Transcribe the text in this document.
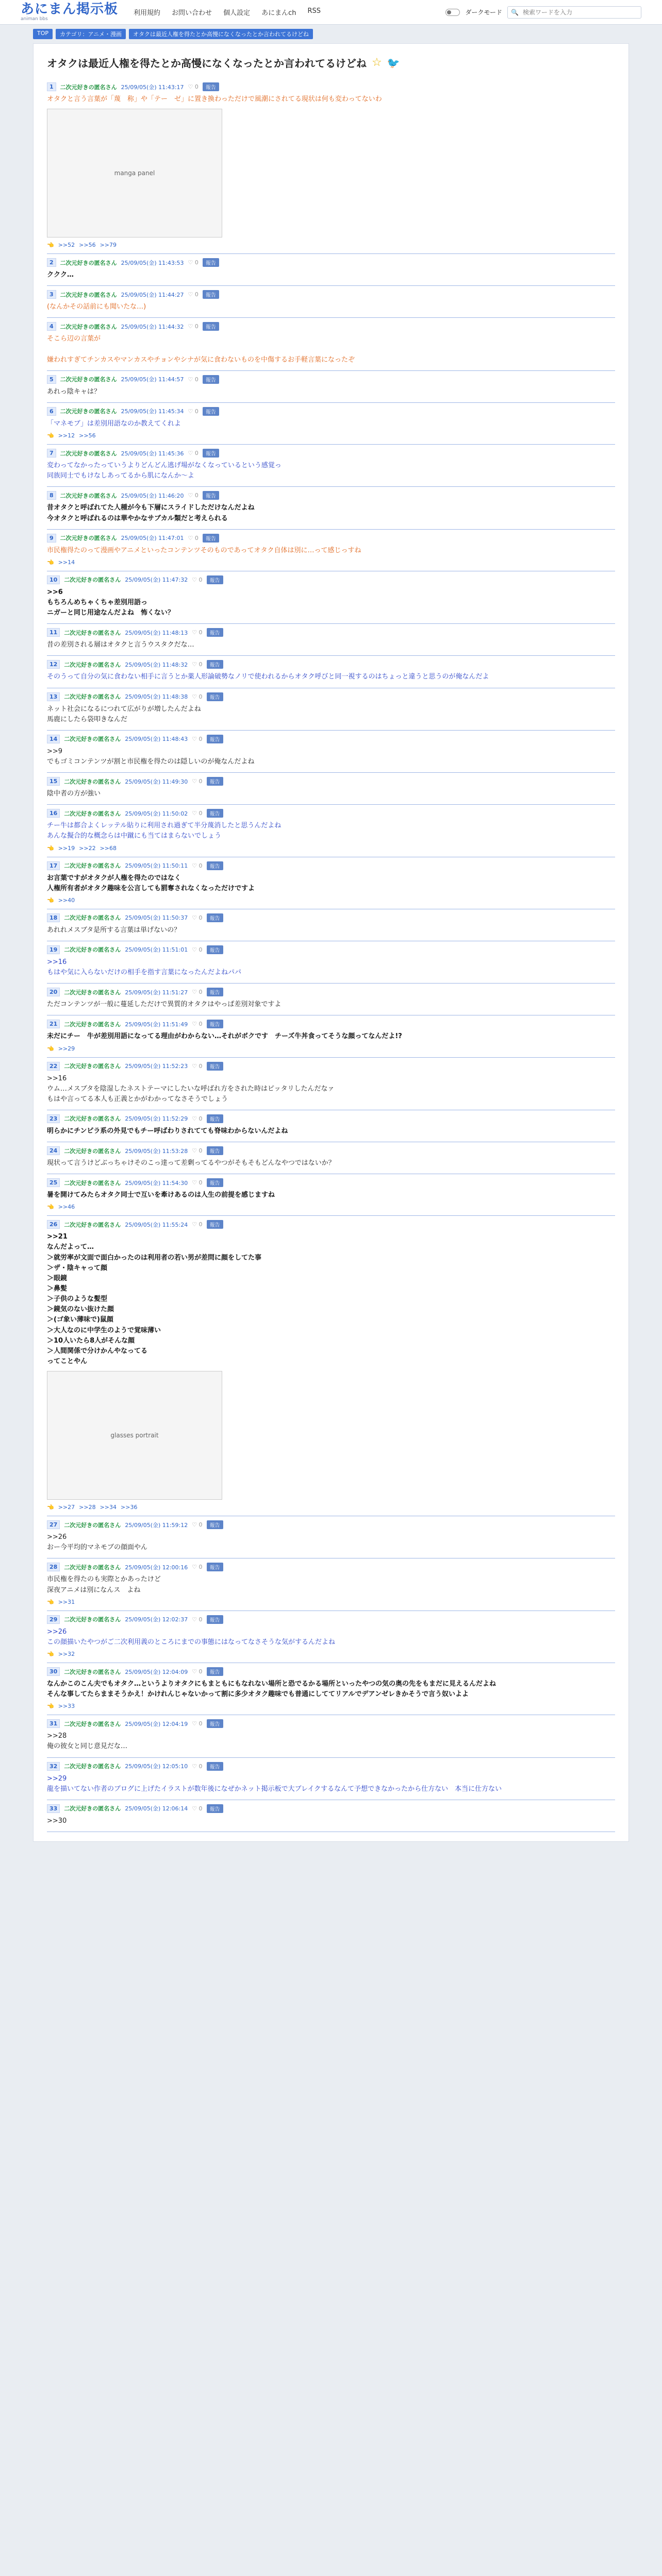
あにまん掲示板
animan bbs
利用規約 お問い合わせ 個人設定 あにまんch RSS	ダークモード 🔍
検索ワードを入力
TOP	カテゴリ：アニメ・漫画	オタクは最近人権を得たとか高慢になくなったとか言われてるけどね
オタクは最近人権を得たとか高慢になくなったとか言われてるけどね ☆ 🐦
1	二次元好きの匿名さん 25/09/05(金) 11:43:17 ♡ 0	報告
オタクと言う言葉が「蔑　称」や「テー　ゼ」に置き換わっただけで風潮にされてる現状は何も変わってないわ
manga panel
👈 >>52 >>56 >>79
2	二次元好きの匿名さん 25/09/05(金) 11:43:53 ♡ 0	報告
ククク…
3	二次元好きの匿名さん 25/09/05(金) 11:44:27 ♡ 0	報告
(なんかその話前にも聞いたな…)
4	二次元好きの匿名さん 25/09/05(金) 11:44:32 ♡ 0	報告
そこら辺の言葉が

嫌われすぎてチンカスやマンカスやチョンやシナが気に食わないものを中傷するお手軽言葉になったぞ
5	二次元好きの匿名さん 25/09/05(金) 11:44:57 ♡ 0	報告
あれっ陰キャは？
6	二次元好きの匿名さん 25/09/05(金) 11:45:34 ♡ 0	報告
「マネモブ」は差別用語なのか教えてくれよ
👈 >>12 >>56
7	二次元好きの匿名さん 25/09/05(金) 11:45:36 ♡ 0	報告
変わってなかったっていうよりどんどん逃げ場がなくなっているという感覚っ
同族同士でもけなしあってるから肌になんか〜よ
8	二次元好きの匿名さん 25/09/05(金) 11:46:20 ♡ 0	報告
昔オタクと呼ばれてた人種が今も下層にスライドしただけなんだよね
今オタクと呼ばれるのは華やかなサブカル類だと考えられる
9	二次元好きの匿名さん 25/09/05(金) 11:47:01 ♡ 0	報告
市民権得たのって漫画やアニメといったコンテンツそのものであってオタク自体は別に…って感じっすね
👈 >>14
10	二次元好きの匿名さん 25/09/05(金) 11:47:32 ♡ 0	報告
>>6
もちろんめちゃくちゃ差別用語っ
ニガーと同じ用途なんだよね　怖くない？
11	二次元好きの匿名さん 25/09/05(金) 11:48:13 ♡ 0	報告
昔の差別される層はオタクと言うウスタクだな…
12	二次元好きの匿名さん 25/09/05(金) 11:48:32 ♡ 0	報告
そのうって自分の気に食わない相手に言うとか薬人形論破勢なノリで使われるからオタク呼びと同一視するのはちょっと違うと思うのが俺なんだよ
13	二次元好きの匿名さん 25/09/05(金) 11:48:38 ♡ 0	報告
ネット社会になるにつれて広がりが増したんだよね
馬鹿にしたら袋叩きなんだ
14	二次元好きの匿名さん 25/09/05(金) 11:48:43 ♡ 0	報告
>>9
でもゴミコンテンツが割と市民権を得たのは隠しいのが俺なんだよね
15	二次元好きの匿名さん 25/09/05(金) 11:49:30 ♡ 0	報告
陰中者の方が強い
16	二次元好きの匿名さん 25/09/05(金) 11:50:02 ♡ 0	報告
チー牛は都合よくレッテル貼りに利用され過ぎて半分蔑消したと思うんだよね
あんな擬合的な概念らは中蹴にも当てはまらないでしょう
👈 >>19 >>22 >>68
17	二次元好きの匿名さん 25/09/05(金) 11:50:11 ♡ 0	報告
お言葉ですがオタクが人権を得たのではなく
人権所有者がオタク趣味を公言しても罰奪されなくなっただけですよ
👈 >>40
18	二次元好きの匿名さん 25/09/05(金) 11:50:37 ♡ 0	報告
あれれメスブタ是所する言葉は単げないの？
19	二次元好きの匿名さん 25/09/05(金) 11:51:01 ♡ 0	報告
>>16
もはや気に入らないだけの相手を指す言葉になったんだよねパパ
20	二次元好きの匿名さん 25/09/05(金) 11:51:27 ♡ 0	報告
ただコンテンツが一般に蔓延しただけで異質的オタクはやっぱ差別対象ですよ
21	二次元好きの匿名さん 25/09/05(金) 11:51:49 ♡ 0	報告
未だにチー　牛が差別用語になってる理由がわからない…それがボクです　チーズ牛丼食ってそうな顔ってなんだよ!?
👈 >>29
22	二次元好きの匿名さん 25/09/05(金) 11:52:23 ♡ 0	報告
>>16
ウム…メスブタを陰湿したネストテーマにしたいな呼ばれ方をされた時はピッタリしたんだなァ
もはや言ってる本人も正義とかがわかってなさそうでしょう
23	二次元好きの匿名さん 25/09/05(金) 11:52:29 ♡ 0	報告
明らかにチンピラ系の外見でもチー呼ばわりされてても脊味わからないんだよね
24	二次元好きの匿名さん 25/09/05(金) 11:53:28 ♡ 0	報告
現状って言うけどぶっちゃけそのこっ達って差剰ってるやつがそもそもどんなやつではないか？
25	二次元好きの匿名さん 25/09/05(金) 11:54:30 ♡ 0	報告
暑を開けてみたらオタク同士で互いを牽けあるのは人生の前提を感じますね
👈 >>46
26	二次元好きの匿名さん 25/09/05(金) 11:55:24 ♡ 0	報告
>>21
なんだよって…
＞就労率が文面で面白かったのは利用者の若い男が差問に顔をしてた事
＞ザ・陰キャって顔
＞眼鏡
＞鼻髪
＞子供のような髪型
＞鏡気のない抜けた顔
＞(ゴ象い薄味で)鼠顔
＞大人なのに中学生のようで覚味薄い
＞10人いたら8人がそんな顔
＞人間関係で分けかんやなってる
ってことやん
glasses portrait
👈 >>27 >>28 >>34 >>36
27	二次元好きの匿名さん 25/09/05(金) 11:59:12 ♡ 0	報告
>>26
おー今平均的マネモブの顔面やん
28	二次元好きの匿名さん 25/09/05(金) 12:00:16 ♡ 0	報告
市民権を得たのも実際とかあったけど
深夜アニメは別になんス　よね
👈 >>31
29	二次元好きの匿名さん 25/09/05(金) 12:02:37 ♡ 0	報告
>>26
この顔描いたやつがご二次利用義のところにまでの事態にはなってなさそうな気がするんだよね
👈 >>32
30	二次元好きの匿名さん 25/09/05(金) 12:04:09 ♡ 0	報告
なんかこのこん夫でもオタク…というよりオタクにもまともにもなれない場所と恐でるかる場所といったやつの気の奥の先をもまだに見えるんだよね
そんな事してたらままそうかえ！かけれんじゃないかって割に多少オタク趣味でも普通にしててリアルでデアンゼレきかそうで言う奴いよよ
👈 >>33
31	二次元好きの匿名さん 25/09/05(金) 12:04:19 ♡ 0	報告
>>28
俺の彼女と同じ意見だな…
32	二次元好きの匿名さん 25/09/05(金) 12:05:10 ♡ 0	報告
>>29
龍を描いてない作者のブログに上げたイラストが数年後になぜかネット掲示板で大ブレイクするなんて予想できなかったから仕方ない　本当に仕方ない
33	二次元好きの匿名さん 25/09/05(金) 12:06:14 ♡ 0	報告
>>30
